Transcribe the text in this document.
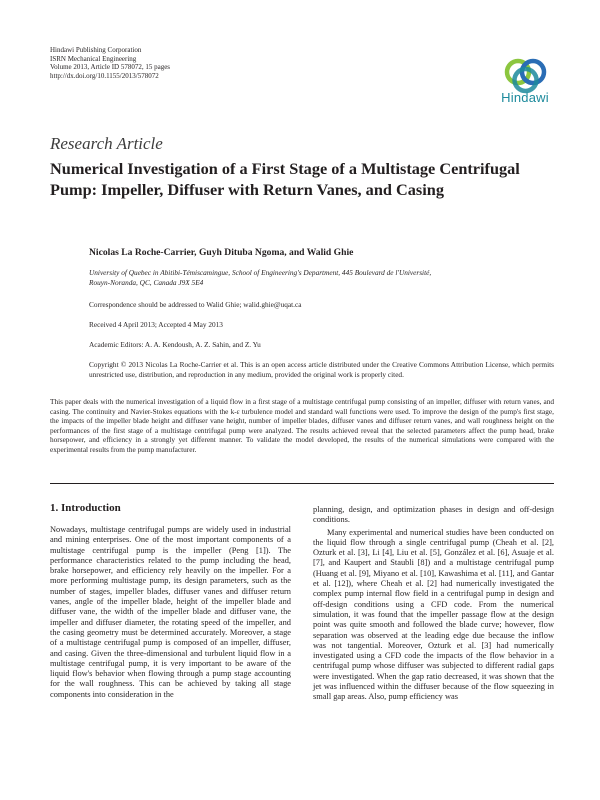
Hindawi Publishing Corporation
ISRN Mechanical Engineering
Volume 2013, Article ID 578072, 15 pages
http://dx.doi.org/10.1155/2013/578072
Hindawi
Research Article
Numerical Investigation of a First Stage of a Multistage Centrifugal Pump: Impeller, Diffuser with Return Vanes, and Casing
Nicolas La Roche-Carrier, Guyh Dituba Ngoma, and Walid Ghie
University of Quebec in Abitibi-Témiscamingue, School of Engineering's Department, 445 Boulevard de l'Université,
Rouyn-Noranda, QC, Canada J9X 5E4
Correspondence should be addressed to Walid Ghie; walid.ghie@uqat.ca
Received 4 April 2013; Accepted 4 May 2013
Academic Editors: A. A. Kendoush, A. Z. Sahin, and Z. Yu
Copyright © 2013 Nicolas La Roche-Carrier et al. This is an open access article distributed under the Creative Commons Attribution License, which permits unrestricted use, distribution, and reproduction in any medium, provided the original work is properly cited.
This paper deals with the numerical investigation of a liquid flow in a first stage of a multistage centrifugal pump consisting of an impeller, diffuser with return vanes, and casing. The continuity and Navier-Stokes equations with the k-ε turbulence model and standard wall functions were used. To improve the design of the pump's first stage, the impacts of the impeller blade height and diffuser vane height, number of impeller blades, diffuser vanes and diffuser return vanes, and wall roughness height on the performances of the first stage of a multistage centrifugal pump were analyzed. The results achieved reveal that the selected parameters affect the pump head, brake horsepower, and efficiency in a strongly yet different manner. To validate the model developed, the results of the numerical simulations were compared with the experimental results from the pump manufacturer.
1. Introduction

Nowadays, multistage centrifugal pumps are widely used in industrial and mining enterprises. One of the most important components of a multistage centrifugal pump is the impeller (Peng [1]). The performance characteristics related to the pump including the head, brake horsepower, and efficiency rely heavily on the impeller. For a more performing multistage pump, its design parameters, such as the number of stages, impeller blades, diffuser vanes and diffuser return vanes, angle of the impeller blade, height of the impeller blade and diffuser vane, the width of the impeller blade and diffuser vane, the impeller and diffuser diameter, the rotating speed of the impeller, and the casing geometry must be determined accurately. Moreover, a stage of a multistage centrifugal pump is composed of an impeller, diffuser, and casing. Given the three-dimensional and turbulent liquid flow in a multistage centrifugal pump, it is very important to be aware of the liquid flow's behavior when flowing through a pump stage accounting for the wall roughness. This can be achieved by taking all stage components into consideration in the

planning, design, and optimization phases in design and off-design conditions.

Many experimental and numerical studies have been conducted on the liquid flow through a single centrifugal pump (Cheah et al. [2], Ozturk et al. [3], Li [4], Liu et al. [5], González et al. [6], Asuaje et al. [7], and Kaupert and Staubli [8]) and a multistage centrifugal pump (Huang et al. [9], Miyano et al. [10], Kawashima et al. [11], and Gantar et al. [12]), where Cheah et al. [2] had numerically investigated the complex pump internal flow field in a centrifugal pump in design and off-design conditions using a CFD code. From the numerical simulation, it was found that the impeller passage flow at the design point was quite smooth and followed the blade curve; however, flow separation was observed at the leading edge due because the inflow was not tangential. Moreover, Ozturk et al. [3] had numerically investigated using a CFD code the impacts of the flow behavior in a centrifugal pump whose diffuser was subjected to different radial gaps were investigated. When the gap ratio decreased, it was shown that the jet was influenced within the diffuser because of the flow squeezing in small gap areas. Also, pump efficiency was
